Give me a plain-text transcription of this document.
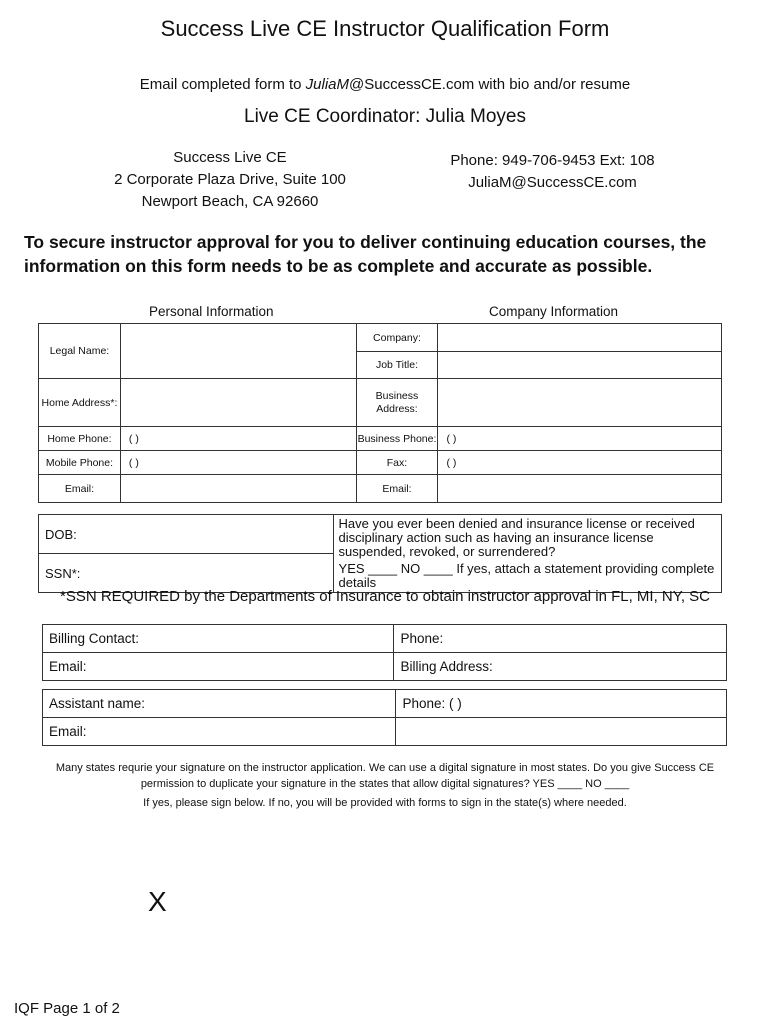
Success Live CE Instructor Qualification Form
Email completed form to JuliaM@SuccessCE.com with bio and/or resume
Live CE Coordinator: Julia Moyes
Success Live CE
2 Corporate Plaza Drive, Suite 100
Newport Beach, CA 92660
Phone: 949-706-9453 Ext: 108
JuliaM@SuccessCE.com
To secure instructor approval for you to deliver continuing education courses, the information on this form needs to be as complete and accurate as possible.
Personal Information	Company Information
Legal Name:		Company:	
		Job Title:	
Home Address*:		Business Address:	
Home Phone:	( )	Business Phone:	( )
Mobile Phone:	( )	Fax:	( )
Email:		Email:	
DOB:	
Have you ever been denied and insurance license or received disciplinary action such as having an insurance license suspended, revoked, or surrendered?
YES ____ NO ____ If yes, attach a statement providing complete details

SSN*:
*SSN REQUIRED by the Departments of Insurance to obtain instructor approval in FL, MI, NY, SC
Billing Contact:	Phone:
Email:	Billing Address:
Assistant name:	Phone: ( )
Email:	
Many states requrie your signature on the instructor application. We can use a digital signature in most states. Do you give Success CE permission to duplicate your signature in the states that allow digital signatures? YES ____ NO ____
If yes, please sign below. If no, you will be provided with forms to sign in the state(s) where needed.
X
IQF Page 1 of 2
